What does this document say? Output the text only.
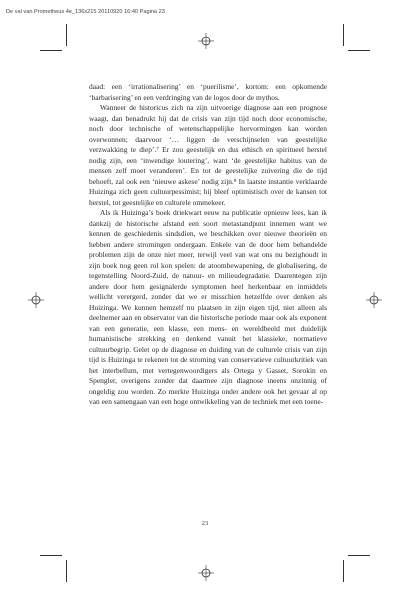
De val van Prometheus 4e_136x215 20110920 16:40 Pagina 23

daad: een ‘irrationalisering’ en ‘puerilisme’, kortom: een opkomende ‘barbarisering’ en een verdringing van de logos door de mythos.

Wanneer de historicus zich na zijn uitvoerige diagnose aan een prognose waagt, dan benadrukt hij dat de crisis van zijn tijd noch door economische, noch door technische of wetenschappelijke hervormingen kan worden overwonnen; daarvoor ‘… liggen de verschijnselen van geestelijke verzwakking te diep’.⁷ Er zou geestelijk en dus ethisch en spiritueel herstel nodig zijn, een ‘inwendige loutering’, want ‘de geestelijke habitus van de mensen zelf moet veranderen’. En tot de geestelijke zuivering die de tijd behoeft, zal ook een ‘nieuwe askese’ nodig zijn.⁸ In laatste instantie verklaarde Huizinga zich geen cultuurpessimist; hij bleef optimistisch over de kansen tot herstel, tot geestelijke en culturele ommekeer.

Als ik Huizinga’s boek driekwart eeuw na publicatie opnieuw lees, kan ik dankzij de historische afstand een soort metastandpunt innemen want we kennen de geschiedenis sindsdien, we beschikken over nieuwe theorieën en hebben andere stromingen ondergaan. Enkele van de door hem behandelde problemen zijn de onze niet meer, terwijl veel van wat ons nu bezighoudt in zijn boek nog geen rol kon spelen: de atoombewapening, de globalisering, de tegenstelling Noord-Zuid, de natuur- en milieudegradatie. Daarentegen zijn andere door hem gesignalerde symptomen heel herkenbaar en inmiddels wellicht verergerd, zonder dat we er misschien hetzelfde over denken als Huizinga. We kunnen hemzelf nu plaatsen in zijn eigen tijd, niet alleen als deelnemer aan en observator van die historische periode maar ook als exponent van een generatie, een klasse, een mens- en wereldbeeld met duidelijk humanistische strekking en denkend vanuit het klassieke, normatieve cultuurbegrip. Gelet op de diagnose en duiding van de culturele crisis van zijn tijd is Huizinga te rekenen tot de stroming van conservatieve cultuurkritiek van het interbellum, met vertegenwoordigers als Ortega y Gasset, Sorokin en Spengler, overigens zonder dat daarmee zijn diagnose ineens onzinnig of ongeldig zou worden. Zo merkte Huizinga onder andere ook het gevaar al op van een samengaan van een hoge ontwikkeling van de techniek met een toene-

23
